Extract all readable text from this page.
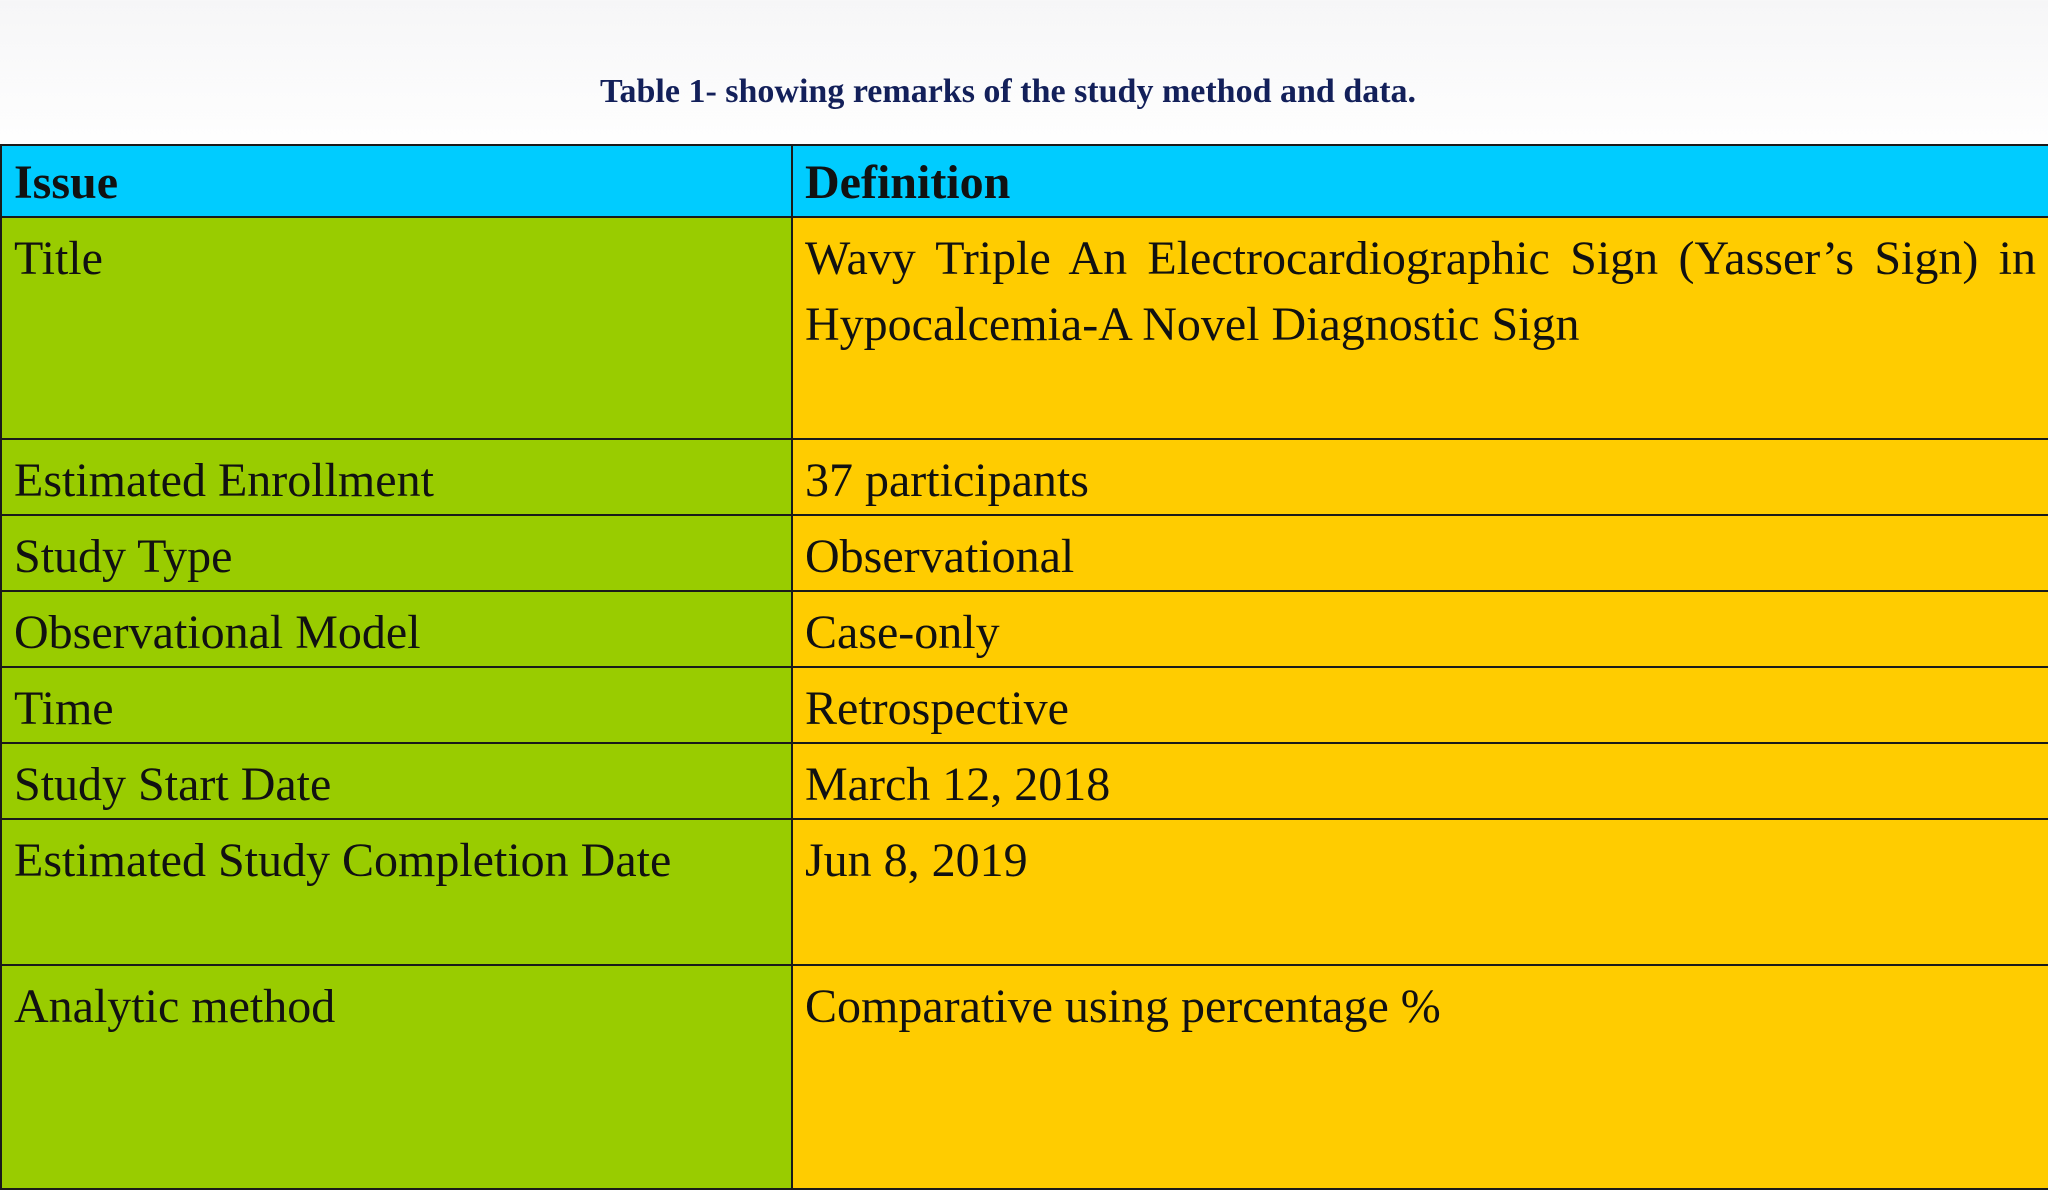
Table 1- showing remarks of the study method and data.
Issue	Definition
Title	Wavy Triple An Electrocardiographic Sign (Yasser’s Sign) in Hypocalcemia-A Novel Diagnostic Sign
Estimated Enrollment	37 participants
Study Type	Observational
Observational Model	Case-only
Time	Retrospective
Study Start Date	March 12, 2018
Estimated Study Completion Date	Jun 8, 2019
Analytic method	Comparative using percentage %
